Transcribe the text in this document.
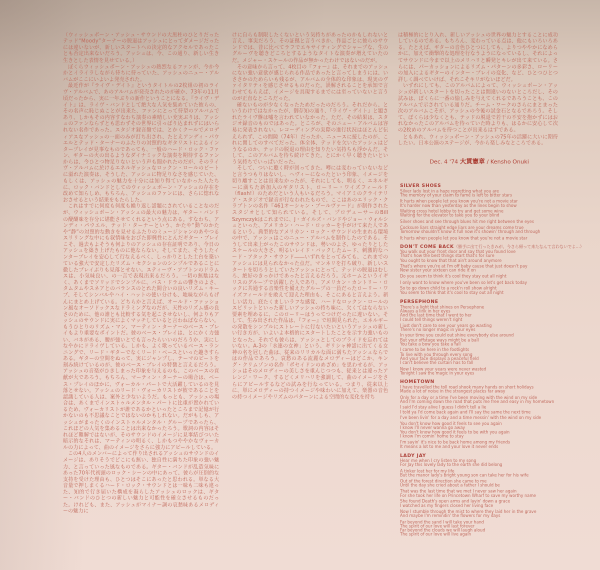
（ウィッシュボーン・アッシュ・サウンドの大黒柱のひとりだったテッド“Moody”ターナーの脱退はアッシュにとってダメージだったには違いないが、新しいスタートへの決定的なアクセルであったことも否定出来ないだろう。アッシュは、今、この通り、新しい生き生きとした表情を見せている。）

ぼくらウィッシュボーン・アッシュの熱烈なるファンが、今か今かとイライラしながら待ちに待っていた、アッシュのニュー・アルバムがここにいよいよ発売された。

最近作が『ライヴ・デイト』というタイトルの2枚組の初のライヴ・アルバムで、あのアルバムが発売されたのが確か、73年の11月頃だったから、実に一年ぶりの新作ということになる。『ライヴ・デイト』は、ライヴ・バンドとして絶大な人気を集めていた彼らの、その名声に恥じぬことが出来た、ファンにとって待望のアルバムであり、しかもその内容すなわち演奏の素晴しい充実ぶりは、アッシュのファンならずとも思わずその世界に引っぱり込まれずにはいられない名作であった。スタジオ録音盤では、とかくクールでメロディアスなアッシュの一面のみが打ち出され、たとえアンディ・パウエルとテッド・ターナーのふたりの対照的なギタリストによるインタープレイが見事なものであっても、一般のハード・ロック・ファン、ギターの火の出るようなダイナミックな演奏を期待するファンからは、今ひとつ物足りないという声も聞かれたのだが、そのライヴ・アルバムに於けるエネルギッシュなロックン・ロールのビートに溢れた演奏は、そうした、アッシュに物足りなさを感じていた、もしくは、アッシュの魅力を十分には知り得ていなかった人たちに、ロック・バンドとしてのウィッシュボーン・アッシュの存在を改めて知らしめ、もちろん、アッシュのファンには、さらに惚れなおさせるという結果をもたらした。

これはすでに何度も何度も繰り返し話題にされていることなのだが、ウィッシュボーン・アッシュの最大の魅力は、ギター・バンドの醍醐味を存分に堪能させてくれるという点にある。すなわち、アンディ・パウエル、テッド・ターナーという、かたや“動”のかたや“静”の対照的な動きを見せるふたりのミュージシャンのあやつるスリリングな中にも叙情味をおびた即興性にとんだギター・プレイこそ、過去もよそうも何よりのアッシュの存在証明であり、今日のアッシュを築き上げたものに他ならない。そしてまた、そうしたインタープレイを安心して行なえるべく、しっかりとした土台を築いている強大で安定したリズム・セクションのシンプルであることに徹したプレイぶりも見落とせない。スティーヴ・アプトンのドラムスは、小気味良い、の一言で表現出来るだろう。一切の無駄はなく、あくまでソリッドでシンプルに、バス・ドラムの響きのよさ、タムタムやスネアとのバランスのとれた間合いの良いリズム・キープ、そしてシンバルやハイ・ハットの使い分けも、地味ながらもげんにまとめ上げている。どちらかと言えば、オールド・ファッション風なオーソドックスなドラミングなのだが、天性のリズム感の良さのために、他の誰とも比較する気を起こさせないし、何よりもアッシュのサウンドに実によくマッチしていると言わねばならない。もうひとりのリズム・マン、マーティン・ターナーのベース・プレイもより重要なポイントだ。彼のベース・プレイは、とにかく力強い、バネがある、腰が強いとでも言ったらいいのだろうか、実にしなやかにドライヴしている。しかも、よく歌っているベース・ランニングで、リード・ギターでなくリード・ベースといった趣きすらある。ギターの空間をぬって、実にジャンプし、テーマのビートを刻み続けているのが、彼のベース・プレイの特徴と言えるだろう。アッシュの音楽がひきしまった印象を与えるのも、このベースの貢献が大であろう。もちろん、マーティン・ターナーの場合は、ベース・プレイのほかに、ヴォーカル・パートで大活躍しているのを見落とせない。アッシュのリード・ヴォーカリストが彼であることを認識している人は、案外と少ないようだ。もっとも、アッシュの場合は、あくまでインストゥルメンタル・パートに比重が置かれているため、ヴォーカリストが誰であるかといったところまで記憶が行かないのも不思議なことではないのかもしれない。だがもしも、アッシュがまったくのインストゥルメンタル・グループであったら、これほどの人気を集めることは出来なかったろう。歌詞の内容はそれほど難解ではないが、そのサウンドのイメージに見事結びついた暗示的なそれは、マーティンの明るく、しかもつややかなヴォーカルの力によって、曲のイメージをさらに強力にアピールしている。

この4人のメンバーによって作り出されるアッシュのサウンドのイメージは、ありそうでどこにも無い、独自性に満ちた印象の強い魅力、と言っていった風なものである。ギター・バンドが乱造気味にあった70年代初頭のロック・シーンの中にあって、彼らが圧倒的な支持を受けた理由も、ひとつはそこにあったと思われる。単なる大音量で押しまくるハード・ロック・サウンドとは一味も二味も違った、知的で行き届いた構成を凝らしたアッシュのロックは、ギター・バンドのひとつの新しい魅力と可能性を確立させるものだった。けれども、また、アッシュがマイナー調の哀愁味あるメロディーの魅力に

けに自らも制限したくないという気持ちがあったのかもしれないと言え、事実だろう、その証拠と言うべきか、作品ごとに彼らのサウンドでは、昔に比べてラフでエキサイティングでシャープな、生のグルーヴを聴きどころとするようなタイトな演奏が増えていたのだ。メジャー・スケールの作品が無かったわけではないのだが。

その意味から言って、4枚目の『フォー』は、それまでのアッシュにない強い意欲が感じられる作品であったと言ってしまうには、いささかのためらいも残るが、アルバムの全体的な印象は、現実のヴァイタリティを感じさせるものだった。誤解されることを承知で言わせてもらえば、イメージを具現するまでには至っていないと言うのが正直なところだった。

確ないものが少なくなったためだったのだろう。それだから、というわけではなかったが、御存知の通り、『ライヴ・デイト』と題されたライヴ盤は嘘を言われていなかった。ただ、その結果は、スタジオ録音のものではあった。ところが、そのニュー・アルバムは容易に発表されない。レコーディングの実際の進行状況はほとんど伝えられず、この間隙（74年）だったか、ニュースに接したのが、これに関してのすべてだった。体全体、テッドを欠いたアッシュはどうなるのか、テッドの脱退の理由を知りたい気持ちも浮かんだ。そして、このアルバムを待ち続けてきた。とにかく早く聴きたいという気持ちでいっぱいだった。

そして、ついに聴く時が回ってきた。噂には変わっていないなどと言うつもりはないし、ヘヴィーになったという印象、イメージを切り離すことは出来なかったが、それにしても、明るく、エネルギーに満ちた新加入のギタリスト、ローリー・ワイズフィールド（flash!）のためだという人もいるだろう。マイアミのクライテリア・スタジオで録音が行なわれたもので、ここはあのエリック・クラプトンの名作『461オーシャン・ブールヴァード』が制作されたスタジオとして知られている。そして、プロデューサーのBill Szymczykはこれまでに、J・ガイルズ・バンドやジョー・ウォルシュといった、アメリカン・ハード・ロッカーを手がけて来た人であるという。典型的なアメリカン・ロック・サウンドの生まれる環境の中で、アッシュはこのニュー・アルバムを制作したのである。そうして出来上がったこのサウンドは、勢いのよさ、ゆったりとしたスケールの大きさ、明るいレイド・バックしたムード、刺激的なハード・アタック・サウンド――いずれをとってみても、これまでのアッシュには見られなかった点だ。マンネリを打ち破り、新しいスタートを切ろうとしていたアッシュにとって、テッドの脱退はむしろ、絶好のきっかけであったと言えるだろう。元ホームというイギリスのグループで活躍した人であり、アメリカン・カントリー・ロックに共通する音楽性を備えたグループの一員だったローリー・ワイズフィールドを敢えて迎えた理由も、そこにあると言えよう。新しい活力、底たくましいラフな感覚、ハードなロックン・ロールのスピリットといった新しいアッシュの持ち味に、欠くてはならない要素を埋めるに、このローリーはうってつけだったに違いない。そして、生み出された作品は、『フォー』で垣間見られた、エネルギーの発散をシンプルにストレートに行ないたいというアッシュの新しい行き方が、いよいよ本格的にスタートしたことを示す力強いものとなった。それでも彼らは、アッシュとしてのプライドを忘れてはいない。A-3の「水連の女神」という、ギリシャ神話に出てくる女神の名を冠した曲は、従来のリリカルな面に満ちたアッシュならではの作品であろう。哀愁のある流麗なメロディーはどこか、キング・クリムゾンの名作「ポセイドンのめざめ」を思わせるが、アッシュはそのメロディーの美しさを重んじつつも、従来とは違ったアレンジ・ワーク、するどくメリハリを強調して、曲のイメージをさらにアピールするなどの試みを行なっている。つまり、従来以上に、単にメロディーの持つイメージや味わいに加えて、楽器の音色の持つイメージやリズムのパターンによる空間的な変化を持ち

は積極的にとり入れ、新しいアッシュの世界の魅力とすることに成功しているのである。もちろん、変わっている点は、他にもいろいろある。たとえば、ギターの音色ひとつにしても、よりつややかになめらかに、加えて衝撃的な処理を行なうようになっているし、それによってサウンドに今まで以上のメリハリと瞬発とキレが出て来ている。さらには、パーカッションによるリズム・パターンの多彩さ、ローリーの加入によるギターのインター・プレイの変化、など、ひとつひとつ詳しく調べていけば、それこそキリがないほどだ。

いずれにしても、このアルバムによって、ウィッシュボーン・アッシュが新しいスタートを切ったことは間違いのないところだし、その試みは、ぼくらに一番の愉しみを与えてくれるであろうことも、このアルバムで示されている通りだ。チーム・ワークのさらにまとまった次のアルバムこそが、アッシュの今後の試金石となるであろう。そして、ぼくらは少なくとも、テッドの脱退で若干の不安を抱かずにはおれなかったこのアルバムを待っていた時よりも、はるかに安心して次の2枚めのアルバムを待つことが出来るはずである。

ともあれ、ウィッシュボーン・アッシュの75年の活躍に大いに期待したい。日本公演のステージが、今から楽しみなところである。

Dec. 4 '74 大貫憲章 / Kensho Onuki
SILVER SHOES
Silver lady lost in a haze regretting what you are
The memory of your claim to fame is left to bitter stars
It hurts when people let you know you're not a movie star
It's harder now than yesterday as the lines begin to show
Waiting cross hotel lobby to try and get some wine
Waiting for the elevator to take you to your blind
Silver shoes and see through blues hit me right between the eyes
Cocksure liars straight edge liars are your dreams come true
Tomorrow shouldn't know it full now it's showin' through and through
It hurts when people let you know that you're not a movie star
DON'T COME BACK（勝手に出て行ったきみが、今さら帰って来たなんて言わないでよ…）
You walk out your front door and say that you found love
That's how the best things start that's for sure
You ought to know that that ain't around anymore
That's where you're at I'm off baby cause that just doesn't pay
Now sister your sixteen can ride it on
Do you seem to think it's cool they stay out all night
I only want to know where you've been so let's get back today
So to go down child to a rock'n roll show alright
You seem to think that it's cool to stay out all night
PERSEPHONE
There's a light that shines on Persephone
Always a link in her eyes
And the last time that I went to her
I could tell things weren't right
I just don't care to see your years go wasting
There's no longer magic in your eyes
In your time you could out shine everybody else around
But your offstage ways might be a ball
You take a bow you take a fall
I came to be here in the footlights
To live with you through every song
And your face displays a peaceful field
I can't believe the curtain has to fall
Now I know your years were never wasted
Tonight I saw the magic in your eyes
HOMETOWN
I have travelled the toll road shook many hands on short holidays
Made a lot of noise in the strangest places far away
Only for a day or a time I've been moving with the wind on my side
And I'm coming down the road that puts me free and easy in my hometown
I said I'd stay alive I guess I didn't tell a lie
I told ya I'd come back again and I'll say the same the next time
I've been livin' for a day and a time messin' with the wind on my side
You don't know how good it feels to see you again
I know I'll never wanna go away
You don't know how good it feels to be with you again
I know I'm comin' home to stay
I'm sayin' it's nice to be back home among my friends
It means a lot to me and your love it never ends
LADY JAY
Hear me when I cry listen to my song
For Jay this lovely lady to the earth she did belong
A tinker lost her for my life
But the manor lady's bright young son can take her for his wife
Out of the forest direction she came to me
Until the day she cried about a father I should be
That was the last time that we met I never saw her again
For she took her life on Princetown Wharf to save my worthy name
She found Death's open arms and layin' down a grace
I watched as my fingers closed her living face
Now I stumble through the mist to where they laid her in the grave
And maybe I'm remindin' the flowers for my days
Far beyond the sand I will take your hand
The spirit of our love will last forever
Far beyond the clouds we will laugh aloud
The spirit of our love will live again
